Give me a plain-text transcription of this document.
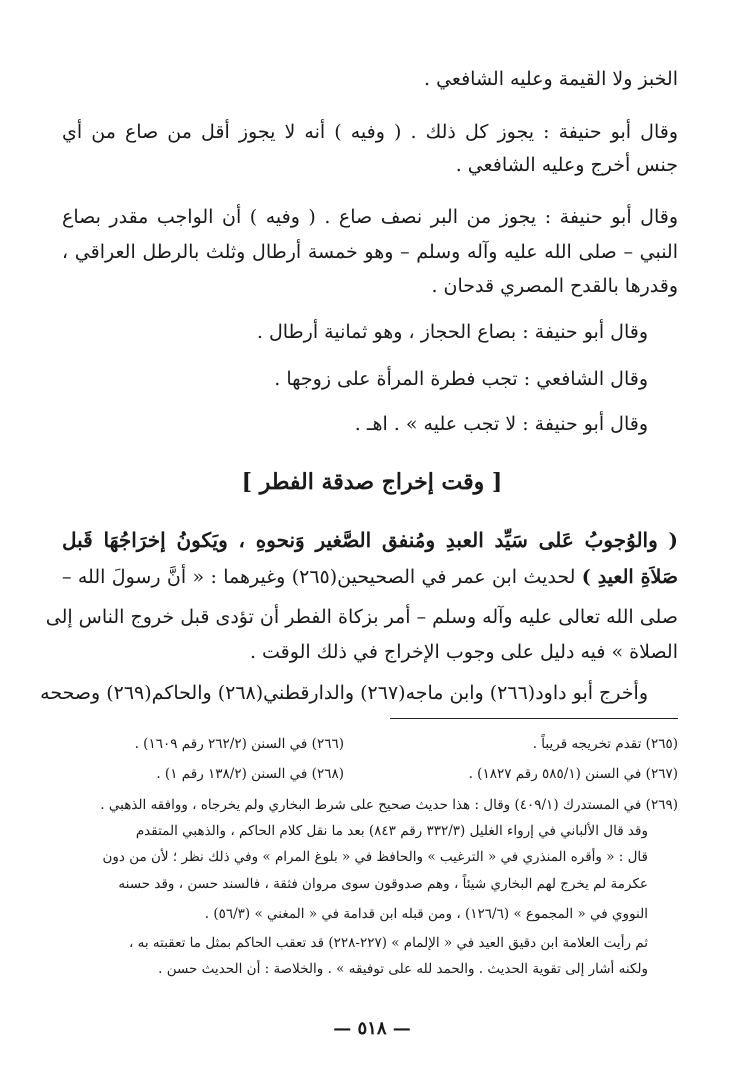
الخبز ولا القيمة وعليه الشافعي .
وقال أبو حنيفة : يجوز كل ذلك . ( وفيه ) أنه لا يجوز أقل من صاع من أي
جنس أخرج وعليه الشافعي .
وقال أبو حنيفة : يجوز من البر نصف صاع . ( وفيه ) أن الواجب مقدر بصاع
النبي – صلى الله عليه وآله وسلم – وهو خمسة أرطال وثلث بالرطل العراقي ،
وقدرها بالقدح المصري قدحان .
وقال أبو حنيفة : بصاع الحجاز ، وهو ثمانية أرطال .
وقال الشافعي : تجب فطرة المرأة على زوجها .
وقال أبو حنيفة : لا تجب عليه » . اهـ .
[ وقت إخراج صدقة الفطر ]
( والوُجوبُ عَلى سَيِّد العبدِ ومُنفق الصَّغير وَنحوهِ ، ويَكونُ إخرَاجُهَا قَبل
صَلاَةِ العيدِ ) لحديث ابن عمر في الصحيحين(٢٦٥) وغيرهما : « أنَّ رسولَ الله –
صلى الله تعالى عليه وآله وسلم – أمر بزكاة الفطر أن تؤدى قبل خروج الناس إلى
الصلاة » فيه دليل على وجوب الإخراج في ذلك الوقت .
وأخرج أبو داود(٢٦٦) وابن ماجه(٢٦٧) والدارقطني(٢٦٨) والحاكم(٢٦٩) وصححه
(٢٦٥) تقدم تخريجه قريباً .
(٢٦٦) في السنن (٢٦٢/٢ رقم ١٦٠٩) .
(٢٦٧) في السنن (٥٨٥/١ رقم ١٨٢٧) .
(٢٦٨) في السنن (١٣٨/٢ رقم ١) .
(٢٦٩) في المستدرك (٤٠٩/١) وقال : هذا حديث صحيح على شرط البخاري ولم يخرجاه ، ووافقه الذهبي .
وقد قال الألباني في إرواء الغليل (٣٣٢/٣ رقم ٨٤٣) بعد ما نقل كلام الحاكم ، والذهبي المتقدم
قال : « وأقره المنذري في « الترغيب » والحافظ في « بلوغ المرام » وفي ذلك نظر ؛ لأن من دون
عكرمة لم يخرج لهم البخاري شيئاً ، وهم صدوقون سوى مروان فثقة ، فالسند حسن ، وقد حسنه
النووي في « المجموع » (١٢٦/٦) ، ومن قبله ابن قدامة في « المغني » (٥٦/٣) .
ثم رأيت العلامة ابن دقيق العيد في « الإلمام » (٢٢٧-٢٢٨) قد تعقب الحاكم بمثل ما تعقبته به ،
ولكنه أشار إلى تقوية الحديث . والحمد لله على توفيقه » . والخلاصة : أن الحديث حسن .
— ٥١٨ —
